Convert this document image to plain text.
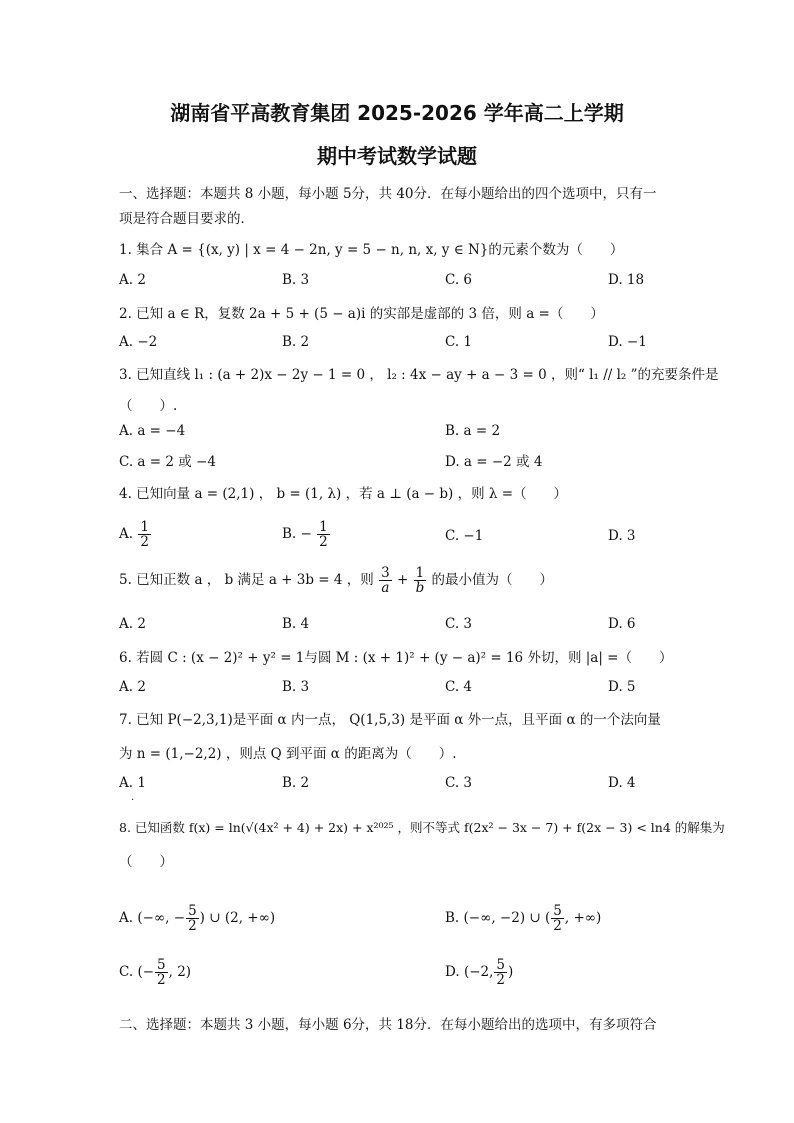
湖南省平高教育集团 2025-2026 学年高二上学期
期中考试数学试题
一、选择题：本题共 8 小题，每小题 5分，共 40分．在每小题给出的四个选项中，只有一
项是符合题目要求的．
1. 集合 A = {(x, y) | x = 4 − 2n, y = 5 − n, n, x, y ∈ N}的元素个数为（　　）
A. 2	B. 3	C. 6	D. 18
2. 已知 a ∈ R，复数 2a + 5 + (5 − a)i 的实部是虚部的 3 倍，则 a =（　　）
A. −2	B. 2	C. 1	D. −1
3. 已知直线 l₁ : (a + 2)x − 2y − 1 = 0 ， l₂ : 4x − ay + a − 3 = 0 ，则“ l₁ // l₂ ”的充要条件是
（　　）.
A. a = −4	B. a = 2
C. a = 2 或 −4	D. a = −2 或 4
4. 已知向量 a = (2,1) ， b = (1, λ) ，若 a ⊥ (a − b) ，则 λ =（　　）
A. $\frac{1}{2}$	B. − $\frac{1}{2}$	C. −1	D. 3
5. 已知正数 a ， b 满足 a + 3b = 4 ，则 $\frac{3}{a} + \frac{1}{b}$ 的最小值为（　　）
A. 2	B. 4	C. 3	D. 6
6. 若圆 C : (x − 2)² + y² = 1与圆 M : (x + 1)² + (y − a)² = 16 外切，则 |a| =（　　）
A. 2	B. 3	C. 4	D. 5
7. 已知 P(−2,3,1)是平面 α 内一点， Q(1,5,3) 是平面 α 外一点，且平面 α 的一个法向量
为 n = (1,−2,2) ，则点 Q 到平面 α 的距离为（　　）.
A. 1	B. 2	C. 3	D. 4
.
8. 已知函数 f(x) = ln(√(4x² + 4) + 2x) + x²⁰²⁵ ，则不等式 f(2x² − 3x − 7) + f(2x − 3) < ln4 的解集为
（　　）
A. (−∞, − $\frac{5}{2}$ ) ∪ (2, +∞)	B. (−∞, −2) ∪ ( $\frac{5}{2}$ , +∞)
C. (− $\frac{5}{2}$ , 2)	D. (−2, $\frac{5}{2}$ )
二、选择题：本题共 3 小题，每小题 6分，共 18分．在每小题给出的选项中，有多项符合
